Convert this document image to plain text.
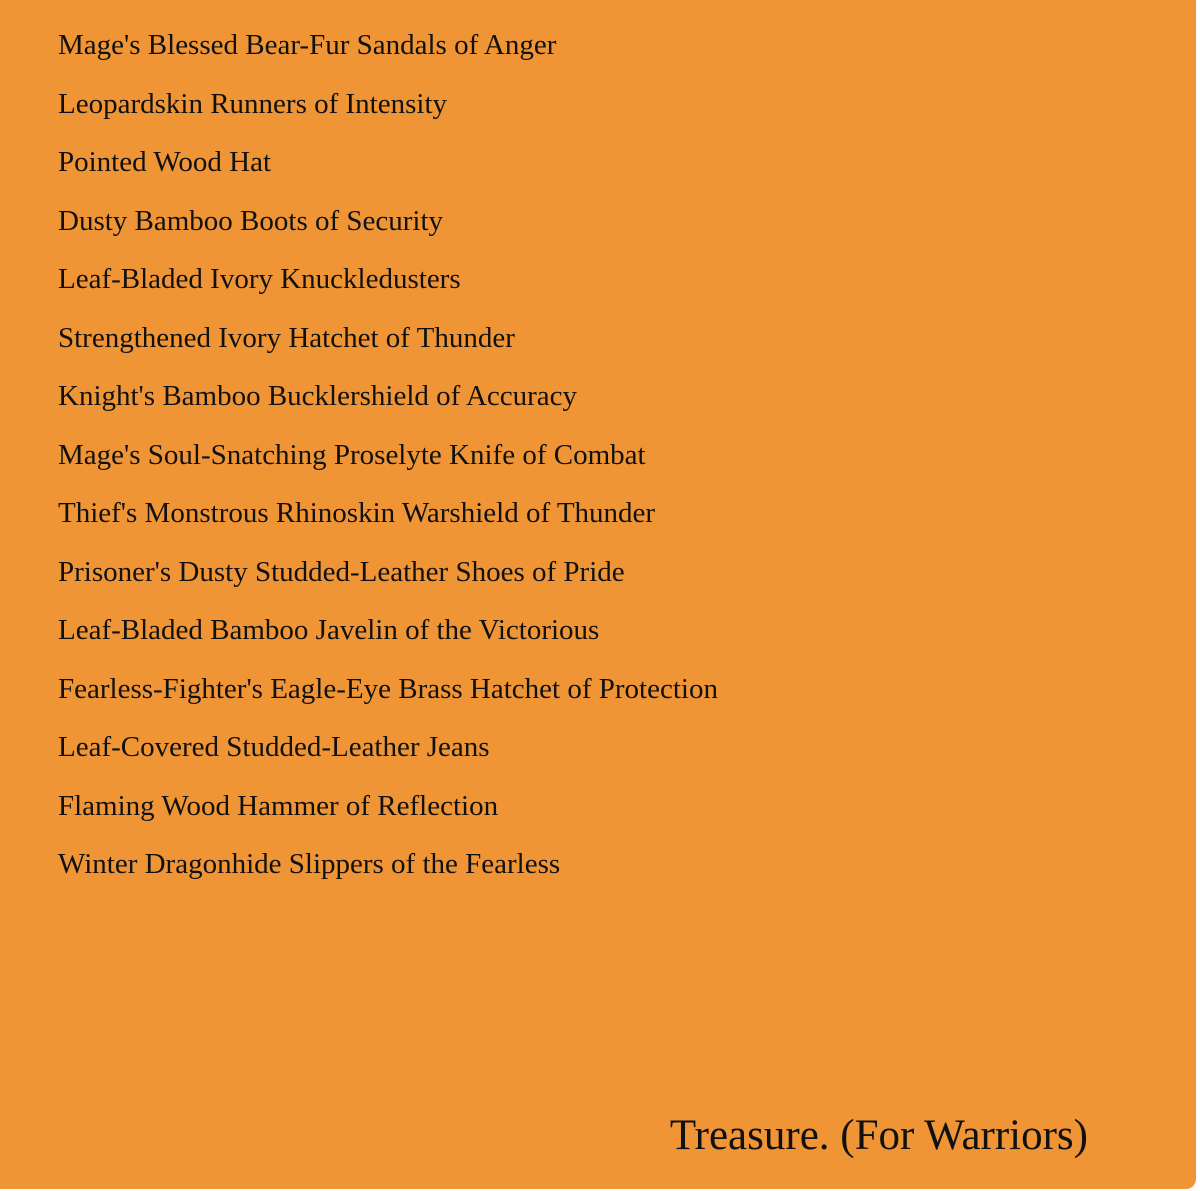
Mage's Blessed Bear-Fur Sandals of Anger
Leopardskin Runners of Intensity
Pointed Wood Hat
Dusty Bamboo Boots of Security
Leaf-Bladed Ivory Knuckledusters
Strengthened Ivory Hatchet of Thunder
Knight's Bamboo Bucklershield of Accuracy
Mage's Soul-Snatching Proselyte Knife of Combat
Thief's Monstrous Rhinoskin Warshield of Thunder
Prisoner's Dusty Studded-Leather Shoes of Pride
Leaf-Bladed Bamboo Javelin of the Victorious
Fearless-Fighter's Eagle-Eye Brass Hatchet of Protection
Leaf-Covered Studded-Leather Jeans
Flaming Wood Hammer of Reflection
Winter Dragonhide Slippers of the Fearless
Treasure. (For Warriors)
